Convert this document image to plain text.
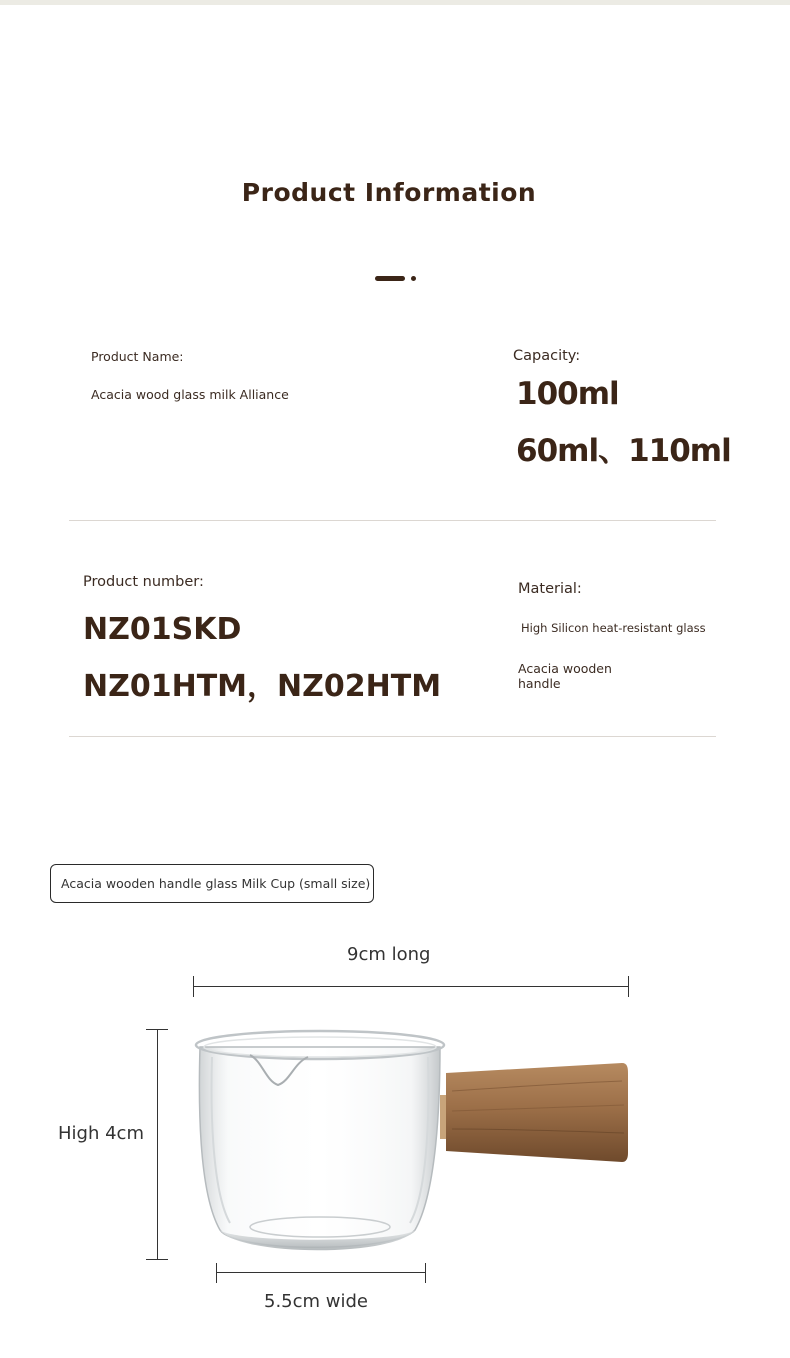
Product Information
Product Name:
Acacia wood glass milk Alliance
Capacity:
100ml
60ml、110ml
Product number:
NZ01SKD
NZ01HTM，NZ02HTM
Material:
High Silicon heat-resistant glass
Acacia wooden
handle
Acacia wooden handle glass Milk Cup (small size)
9cm long
High 4cm
5.5cm wide
